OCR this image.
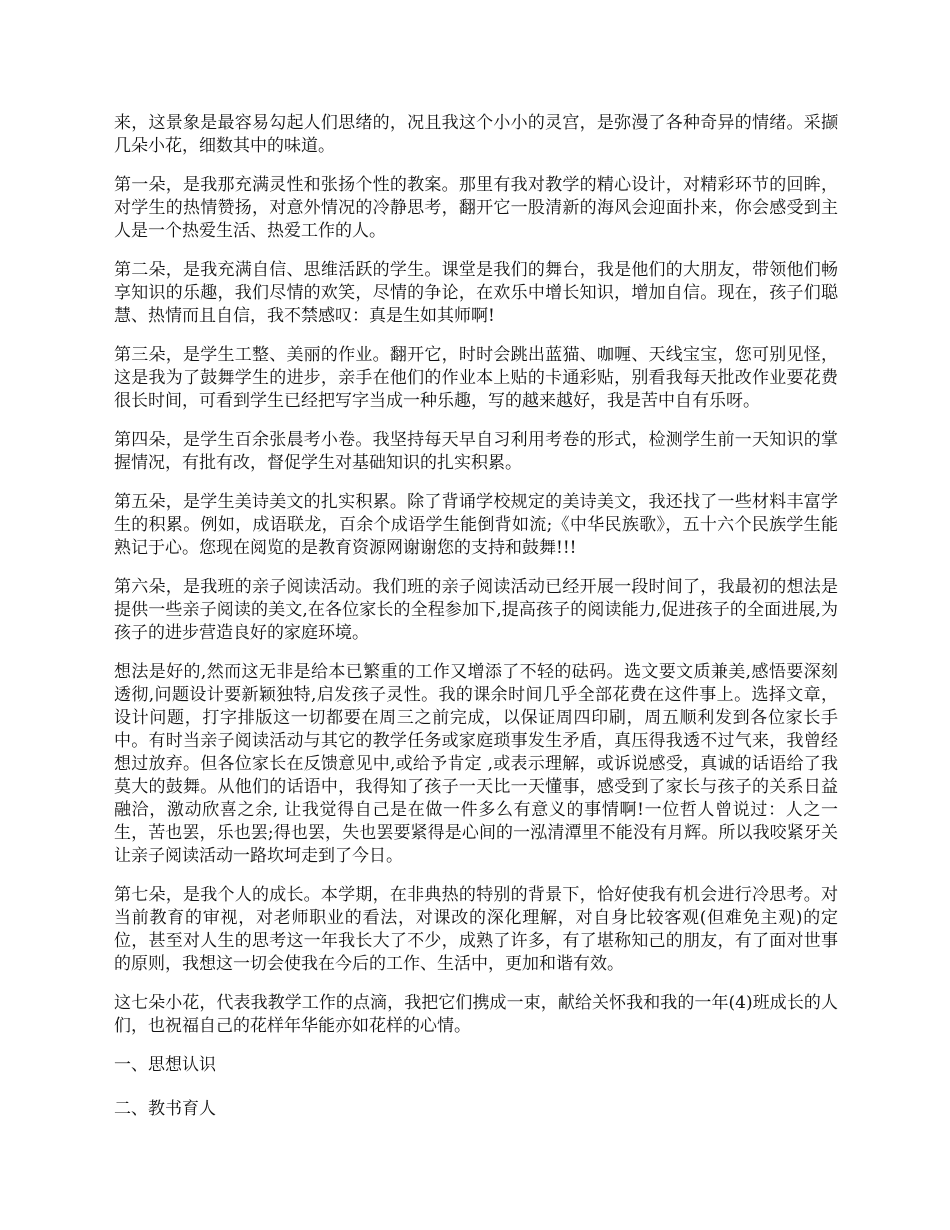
来，这景象是最容易勾起人们思绪的，况且我这个小小的灵宫，是弥漫了各种奇异的情绪。采撷几朵小花，细数其中的味道。

第一朵，是我那充满灵性和张扬个性的教案。那里有我对教学的精心设计，对精彩环节的回眸，对学生的热情赞扬，对意外情况的冷静思考，翻开它一股清新的海风会迎面扑来，你会感受到主人是一个热爱生活、热爱工作的人。

第二朵，是我充满自信、思维活跃的学生。课堂是我们的舞台，我是他们的大朋友，带领他们畅享知识的乐趣，我们尽情的欢笑，尽情的争论，在欢乐中增长知识，增加自信。现在，孩子们聪慧、热情而且自信，我不禁感叹：真是生如其师啊!

第三朵，是学生工整、美丽的作业。翻开它，时时会跳出蓝猫、咖喱、天线宝宝，您可别见怪，这是我为了鼓舞学生的进步，亲手在他们的作业本上贴的卡通彩贴，别看我每天批改作业要花费很长时间，可看到学生已经把写字当成一种乐趣，写的越来越好，我是苦中自有乐呀。

第四朵，是学生百余张晨考小卷。我坚持每天早自习利用考卷的形式，检测学生前一天知识的掌握情况，有批有改，督促学生对基础知识的扎实积累。

第五朵，是学生美诗美文的扎实积累。除了背诵学校规定的美诗美文，我还找了一些材料丰富学生的积累。例如，成语联龙，百余个成语学生能倒背如流;《中华民族歌》，五十六个民族学生能熟记于心。您现在阅览的是教育资源网谢谢您的支持和鼓舞!!!

第六朵，是我班的亲子阅读活动。我们班的亲子阅读活动已经开展一段时间了，我最初的想法是提供一些亲子阅读的美文,在各位家长的全程参加下,提高孩子的阅读能力,促进孩子的全面进展,为孩子的进步营造良好的家庭环境。

想法是好的,然而这无非是给本已繁重的工作又增添了不轻的砝码。选文要文质兼美,感悟要深刻透彻,问题设计要新颖独特,启发孩子灵性。我的课余时间几乎全部花费在这件事上。选择文章，设计问题，打字排版这一切都要在周三之前完成，以保证周四印刷，周五顺利发到各位家长手中。有时当亲子阅读活动与其它的教学任务或家庭琐事发生矛盾，真压得我透不过气来，我曾经想过放弃。但各位家长在反馈意见中,或给予肯定 ,或表示理解，或诉说感受，真诚的话语给了我莫大的鼓舞。从他们的话语中，我得知了孩子一天比一天懂事，感受到了家长与孩子的关系日益融洽，激动欣喜之余, 让我觉得自己是在做一件多么有意义的事情啊!一位哲人曾说过：人之一生，苦也罢，乐也罢;得也罢，失也罢要紧得是心间的一泓清潭里不能没有月辉。所以我咬紧牙关让亲子阅读活动一路坎坷走到了今日。

第七朵，是我个人的成长。本学期，在非典热的特别的背景下，恰好使我有机会进行冷思考。对当前教育的审视，对老师职业的看法，对课改的深化理解，对自身比较客观(但难免主观)的定位，甚至对人生的思考这一年我长大了不少，成熟了许多，有了堪称知己的朋友，有了面对世事的原则，我想这一切会使我在今后的工作、生活中，更加和谐有效。

这七朵小花，代表我教学工作的点滴，我把它们携成一束，献给关怀我和我的一年(4)班成长的人们，也祝福自己的花样年华能亦如花样的心情。

一、思想认识

二、教书育人
